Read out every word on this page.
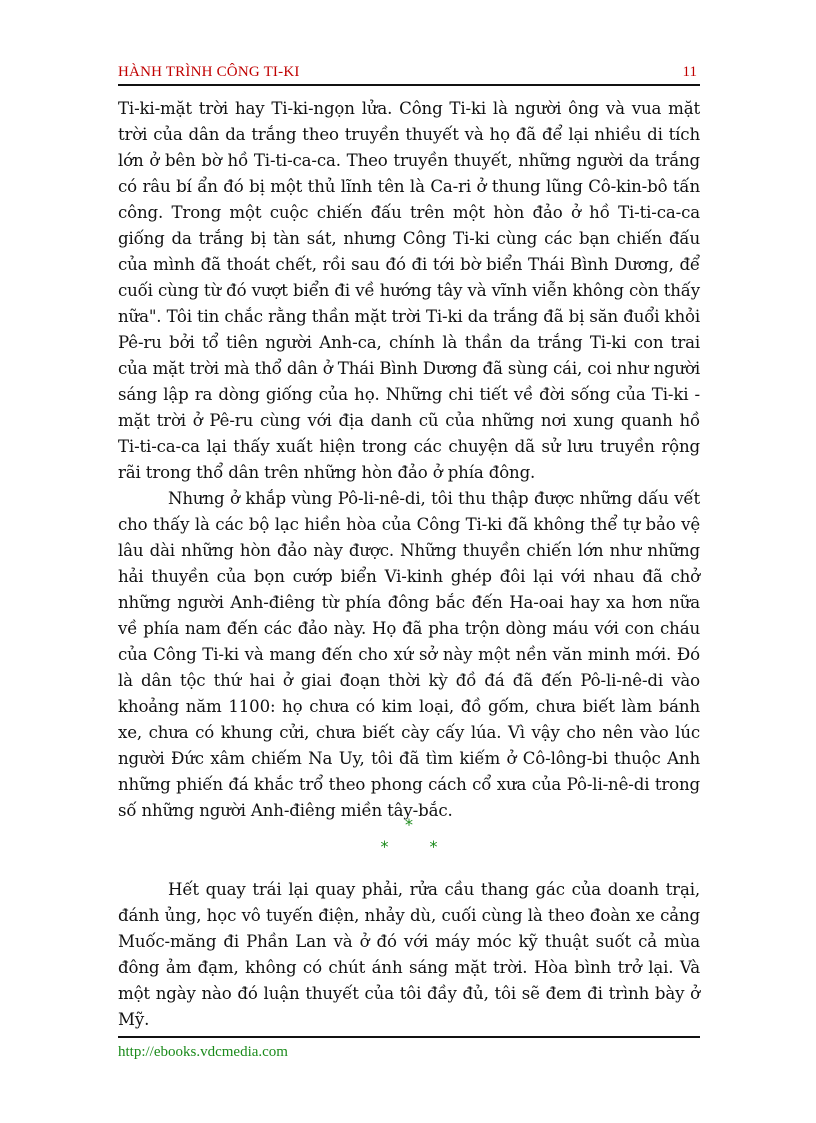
HÀNH TRÌNH CÔNG TI-KI	11

Ti-ki-mặt trời hay Ti-ki-ngọn lửa. Công Ti-ki là người ông và vua mặt trời của dân da trắng theo truyền thuyết và họ đã để lại nhiều di tích lớn ở bên bờ hồ Ti-ti-ca-ca. Theo truyền thuyết, những người da trắng có râu bí ẩn đó bị một thủ lĩnh tên là Ca-ri ở thung lũng Cô-kin-bô tấn công. Trong một cuộc chiến đấu trên một hòn đảo ở hồ Ti-ti-ca-ca giống da trắng bị tàn sát, nhưng Công Ti-ki cùng các bạn chiến đấu của mình đã thoát chết, rồi sau đó đi tới bờ biển Thái Bình Dương, để cuối cùng từ đó vượt biển đi về hướng tây và vĩnh viễn không còn thấy nữa". Tôi tin chắc rằng thần mặt trời Ti-ki da trắng đã bị săn đuổi khỏi Pê-ru bởi tổ tiên người Anh-ca, chính là thần da trắng Ti-ki con trai của mặt trời mà thổ dân ở Thái Bình Dương đã sùng cái, coi như người sáng lập ra dòng giống của họ. Những chi tiết về đời sống của Ti-ki -mặt trời ở Pê-ru cùng với địa danh cũ của những nơi xung quanh hồ Ti-ti-ca-ca lại thấy xuất hiện trong các chuyện dã sử lưu truyền rộng rãi trong thổ dân trên những hòn đảo ở phía đông.

Nhưng ở khắp vùng Pô-li-nê-di, tôi thu thập được những dấu vết cho thấy là các bộ lạc hiền hòa của Công Ti-ki đã không thể tự bảo vệ lâu dài những hòn đảo này được. Những thuyền chiến lớn như những hải thuyền của bọn cướp biển Vi-kinh ghép đôi lại với nhau đã chở những người Anh-điêng từ phía đông bắc đến Ha-oai hay xa hơn nữa về phía nam đến các đảo này. Họ đã pha trộn dòng máu với con cháu của Công Ti-ki và mang đến cho xứ sở này một nền văn minh mới. Đó là dân tộc thứ hai ở giai đoạn thời kỳ đồ đá đã đến Pô-li-nê-di vào khoảng năm 1100: họ chưa có kim loại, đồ gốm, chưa biết làm bánh xe, chưa có khung cửi, chưa biết cày cấy lúa. Vì vậy cho nên vào lúc người Đức xâm chiếm Na Uy, tôi đã tìm kiếm ở Cô-lông-bi thuộc Anh những phiến đá khắc trổ theo phong cách cổ xưa của Pô-li-nê-di trong số những người Anh-điêng miền tây-bắc.

*
* *

Hết quay trái lại quay phải, rửa cầu thang gác của doanh trại, đánh ủng, học vô tuyến điện, nhảy dù, cuối cùng là theo đoàn xe cảng Muốc-măng đi Phần Lan và ở đó với máy móc kỹ thuật suốt cả mùa đông ảm đạm, không có chút ánh sáng mặt trời. Hòa bình trở lại. Và một ngày nào đó luận thuyết của tôi đầy đủ, tôi sẽ đem đi trình bày ở Mỹ.

http://ebooks.vdcmedia.com
